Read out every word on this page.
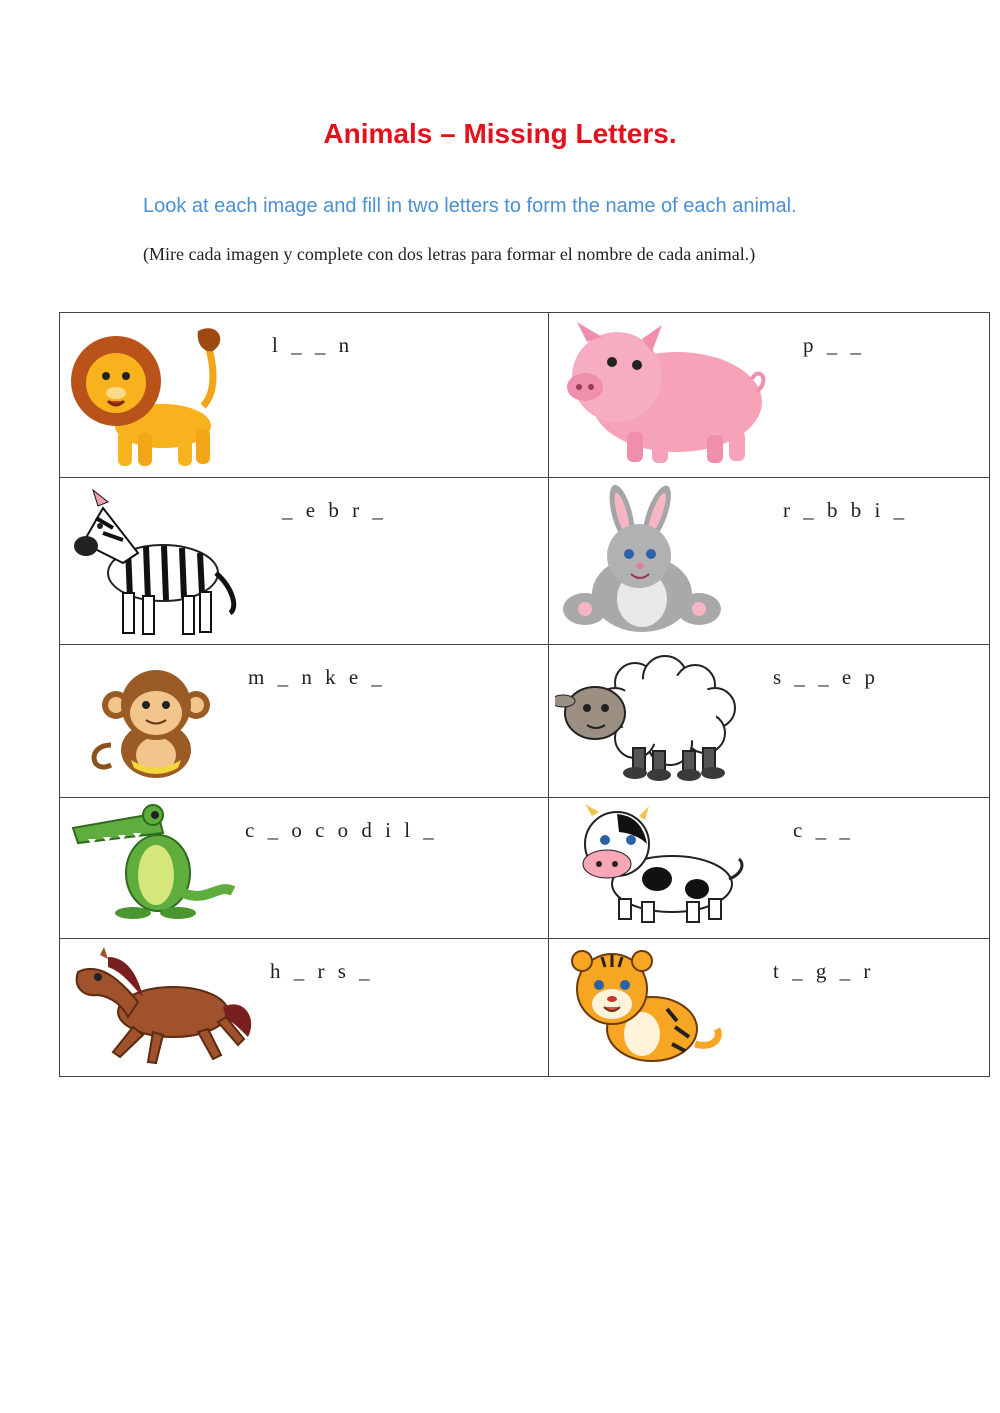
Animals – Missing Letters.

Look at each image and fill in two letters to form the name of each animal.

(Mire cada imagen y complete con dos letras para formar el nombre de cada animal.)

l _ _ n	p _ _

_ e b r _	r _ b b i _

m _ n k e _	s _ _ e p

c _ o c o d i l _	c _ _

h _ r s _	t _ g _ r
